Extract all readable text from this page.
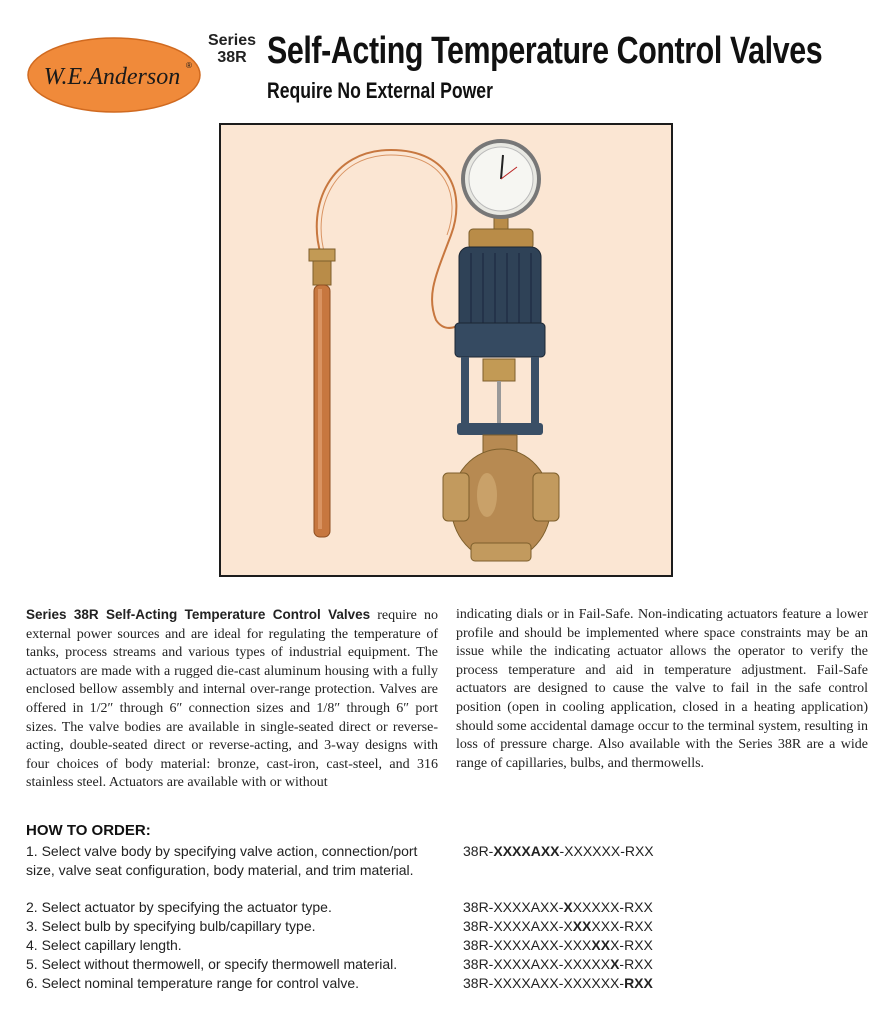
W.E.Anderson ®
Series
38R Self-Acting Temperature Control Valves
Require No External Power

Series 38R Self-Acting Temperature Control Valves require no external power sources and are ideal for regulating the temperature of tanks, process streams and various types of industrial equipment. The actuators are made with a rugged die-cast aluminum housing with a fully enclosed bellow assembly and internal over-range protection. Valves are offered in 1/2″ through 6″ connection sizes and 1/8″ through 6″ port sizes. The valve bodies are available in single-seated direct or reverse-acting, double-seated direct or reverse-acting, and 3-way designs with four choices of body material: bronze, cast-iron, cast-steel, and 316 stainless steel. Actuators are available with or without

indicating dials or in Fail-Safe. Non-indicating actuators feature a lower profile and should be implemented where space constraints may be an issue while the indicating actuator allows the operator to verify the process temperature and aid in temperature adjustment. Fail-Safe actuators are designed to cause the valve to fail in the safe control position (open in cooling application, closed in a heating application) should some accidental damage occur to the terminal system, resulting in loss of pressure charge. Also available with the Series 38R are a wide range of capillaries, bulbs, and thermowells.

HOW TO ORDER:

1. Select valve body by specifying valve action, connection/port size, valve seat configuration, body material, and trim material.

38R-XXXXAXX-XXXXXX-RXX

2. Select actuator by specifying the actuator type.	38R-XXXXAXX-XXXXXX-RXX

3. Select bulb by specifying bulb/capillary type.	38R-XXXXAXX-XXXXXX-RXX

4. Select capillary length.	38R-XXXXAXX-XXXXXX-RXX

5. Select without thermowell, or specify thermowell material.	38R-XXXXAXX-XXXXXX-RXX

6. Select nominal temperature range for control valve.	38R-XXXXAXX-XXXXXX-RXX
